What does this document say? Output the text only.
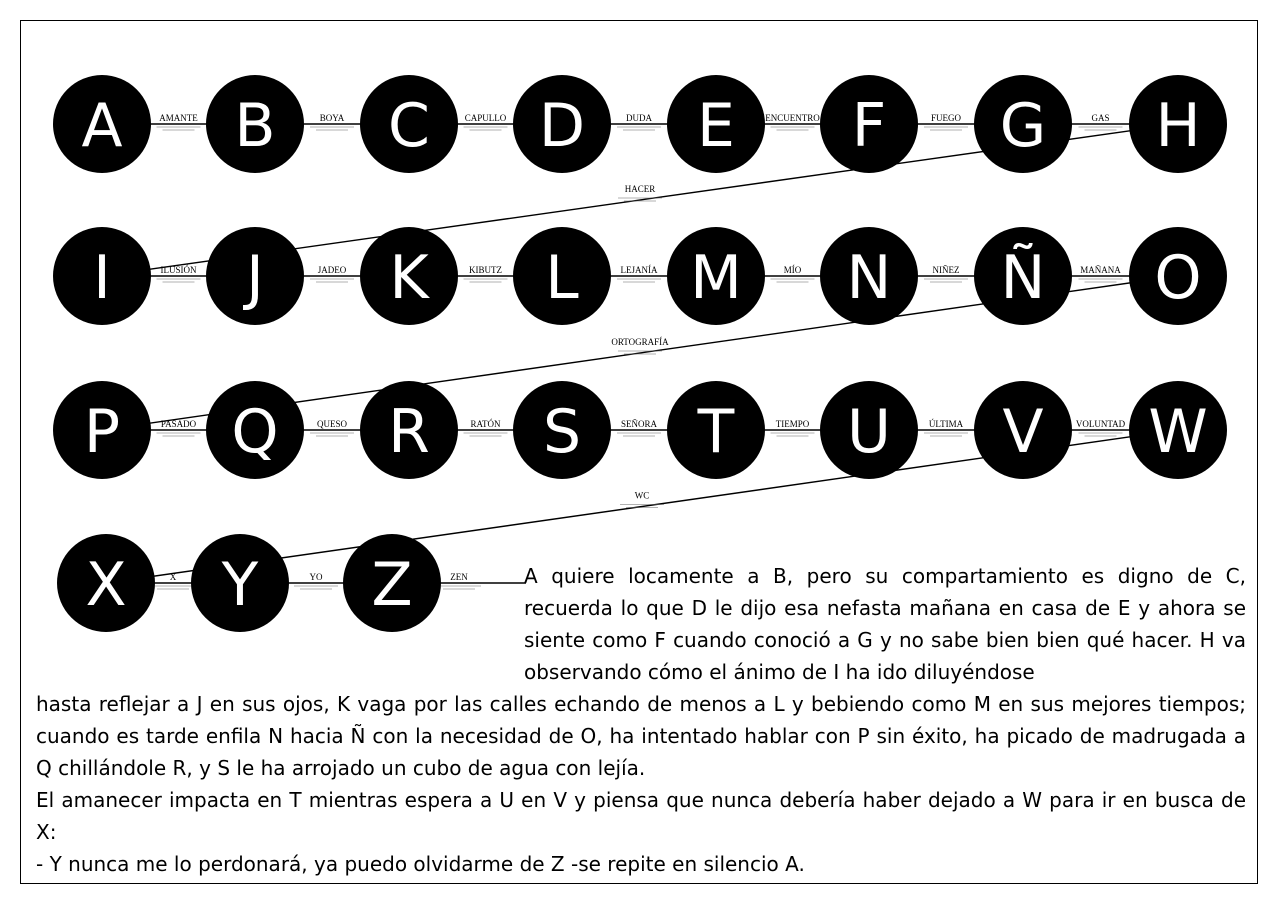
AMANTE	BOYA	CAPULLO	DUDA	ENCUENTRO	FUEGO	GAS
HACER
ILUSIÓN	JADEO	KIBUTZ	LEJANÍA	MÍO	NIÑEZ	MAÑANA
ORTOGRAFÍA
PASADO	QUESO	RATÓN	SEÑORA	TIEMPO	ÚLTIMA	VOLUNTAD
WC
X	YO	ZEN
A B C D E F G H
I J K L M N Ñ O
P Q R S T U V W
X Y Z	A quiere locamente a B, pero su compartamiento es digno de C, recuerda lo que D le dijo esa nefasta mañana en casa de E y ahora se siente como F cuando conoció a G y no sabe bien bien qué hacer. H va observando cómo el ánimo de I ha ido diluyéndose

hasta reflejar a J en sus ojos, K vaga por las calles echando de menos a L y bebiendo como M en sus mejores tiempos; cuando es tarde enfila N hacia Ñ con la necesidad de O, ha intentado hablar con P sin éxito, ha picado de madrugada a Q chillándole R, y S le ha arrojado un cubo de agua con lejía.

El amanecer impacta en T mientras espera a U en V y piensa que nunca debería haber dejado a W para ir en busca de X:

- Y nunca me lo perdonará, ya puedo olvidarme de Z -se repite en silencio A.
